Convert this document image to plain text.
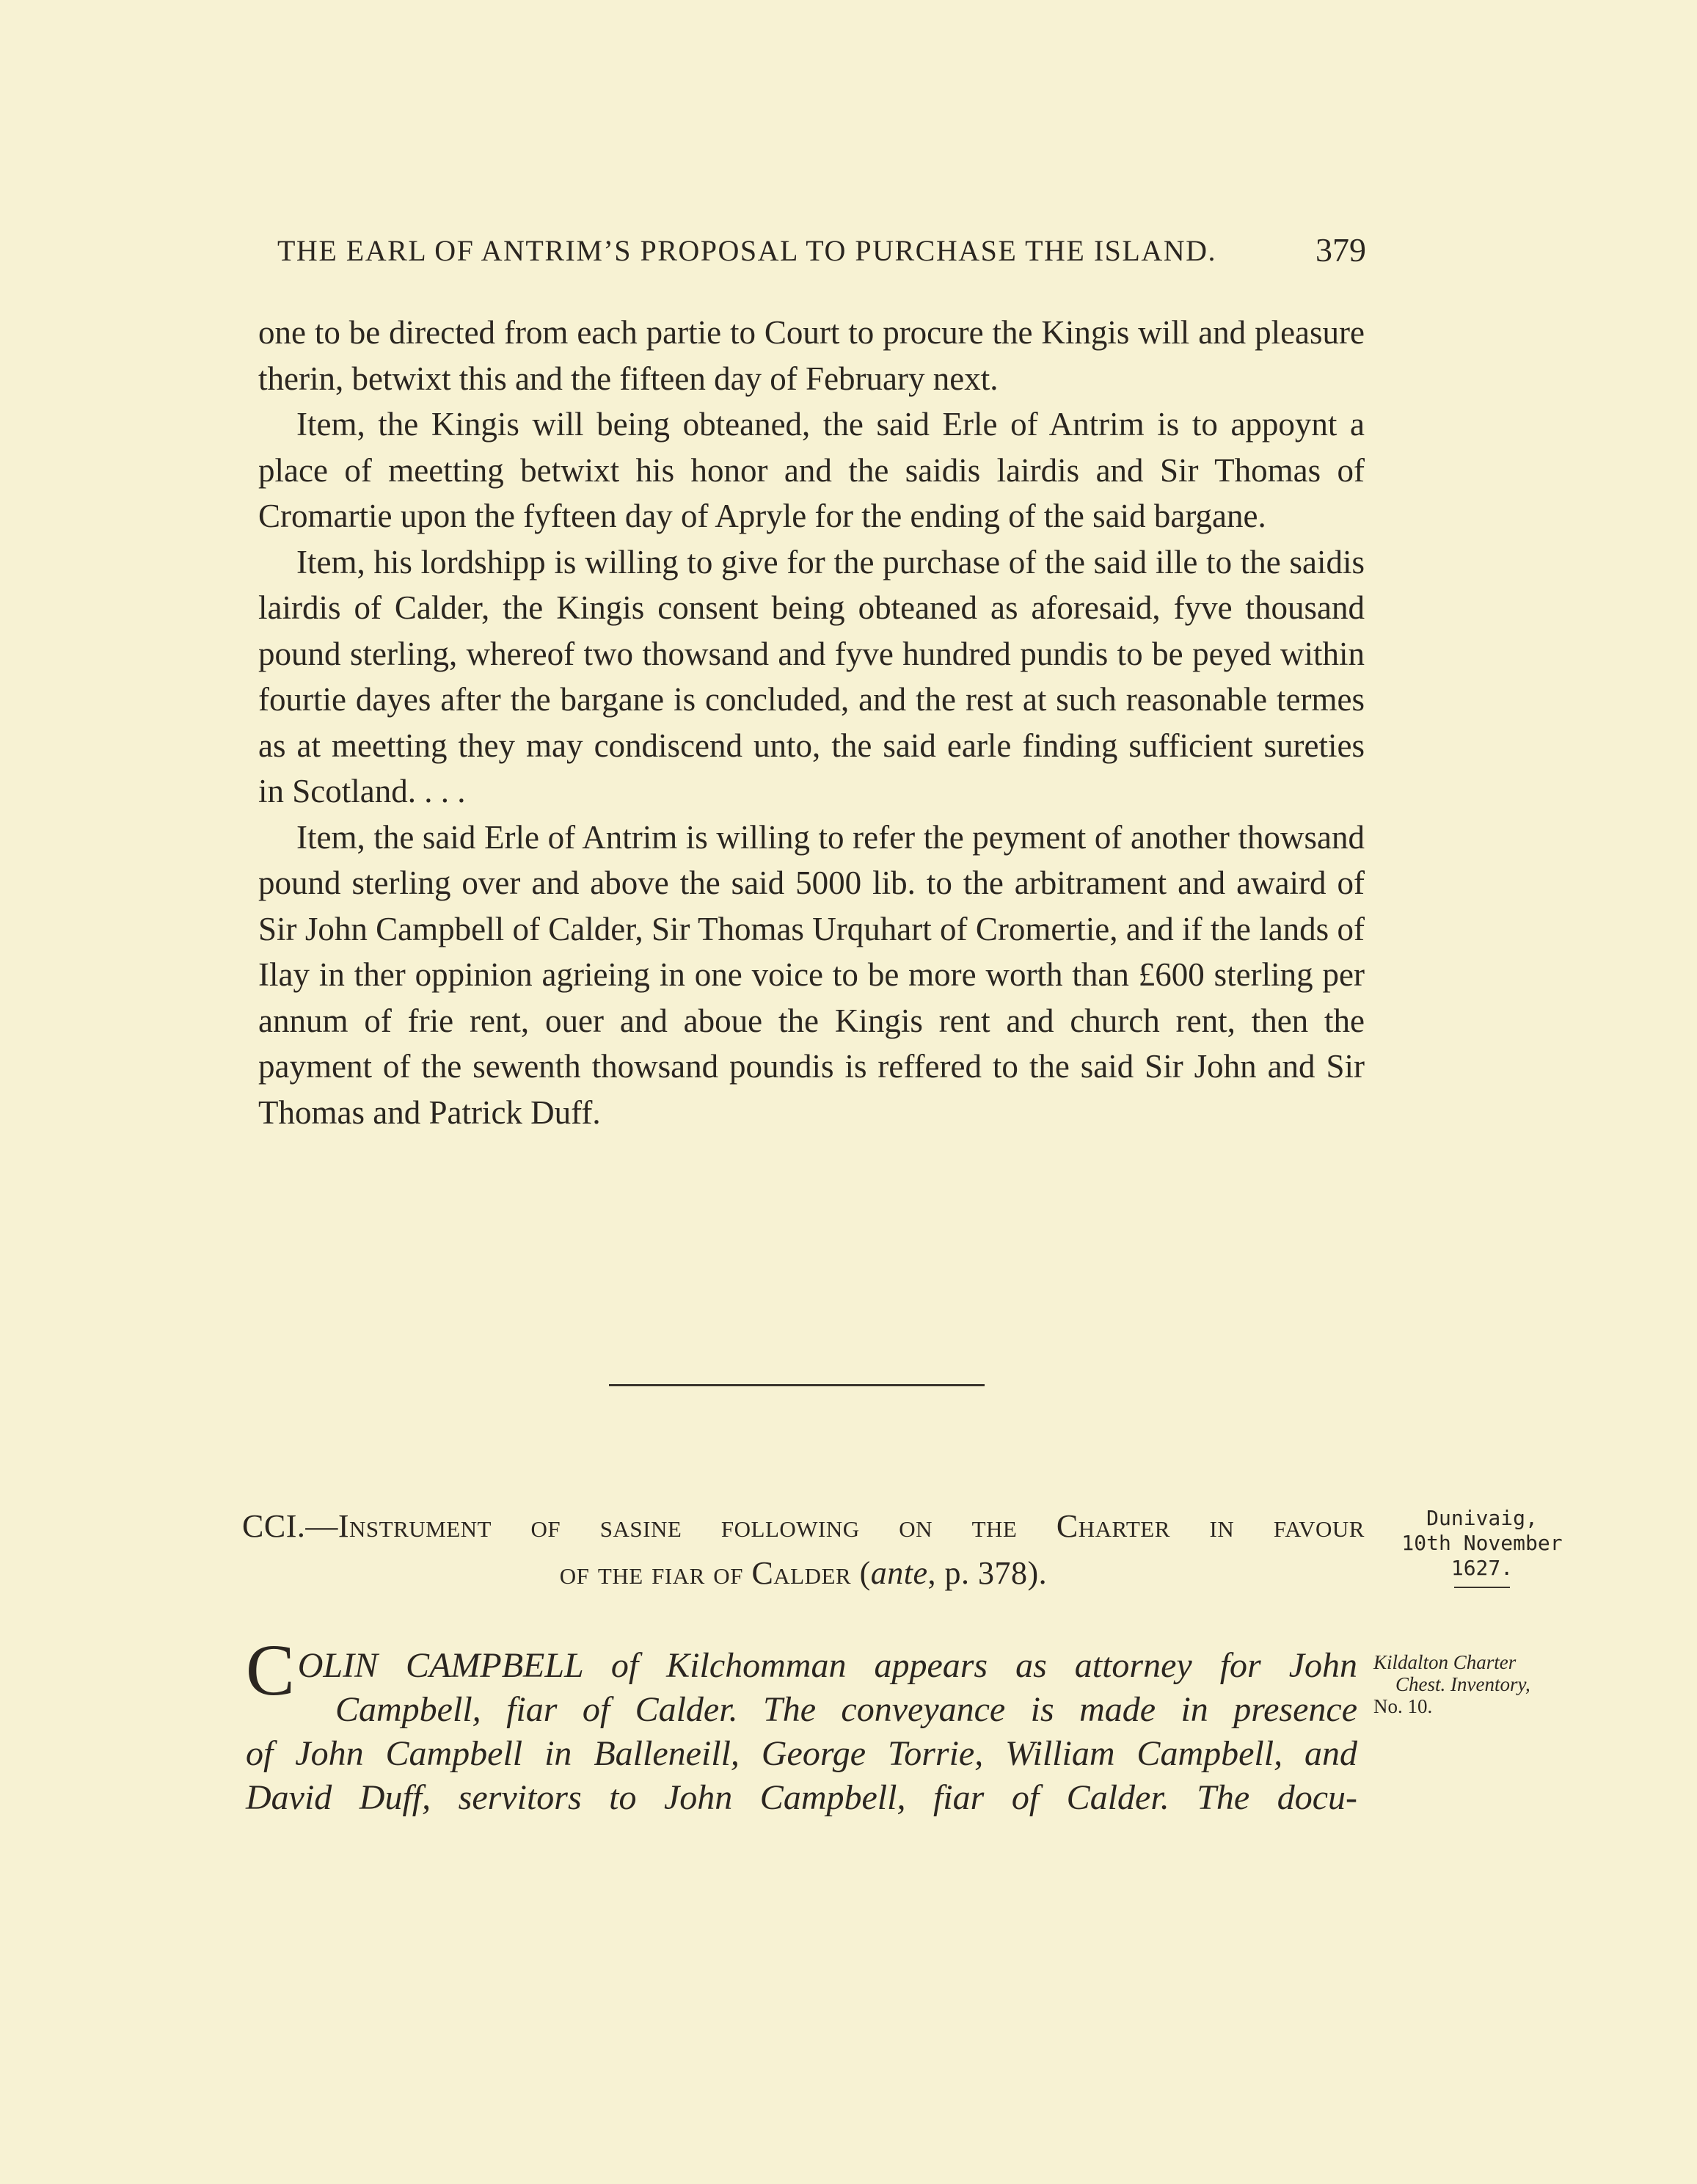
THE EARL OF ANTRIM’S PROPOSAL TO PURCHASE THE ISLAND.	379

one to be directed from each partie to Court to procure the Kingis will and pleasure therin, betwixt this and the fifteen day of February next.

Item, the Kingis will being obteaned, the said Erle of Antrim is to appoynt a place of meetting betwixt his honor and the saidis lairdis and Sir Thomas of Cromartie upon the fyfteen day of Apryle for the ending of the said bargane.

Item, his lordshipp is willing to give for the purchase of the said ille to the saidis lairdis of Calder, the Kingis consent being obteaned as aforesaid, fyve thousand pound sterling, whereof two thowsand and fyve hundred pundis to be peyed within fourtie dayes after the bargane is concluded, and the rest at such reasonable termes as at meetting they may condiscend unto, the said earle finding sufficient sureties in Scotland. . . .

Item, the said Erle of Antrim is willing to refer the peyment of another thowsand pound sterling over and above the said 5000 lib. to the arbitrament and awaird of Sir John Campbell of Calder, Sir Thomas Urquhart of Cromertie, and if the lands of Ilay in ther oppinion agrieing in one voice to be more worth than £600 sterling per annum of frie rent, ouer and aboue the Kingis rent and church rent, then the payment of the sewenth thowsand poundis is reffered to the said Sir John and Sir Thomas and Patrick Duff.

CCI.—Instrument of sasine following on the Charter in favour
of the fiar of Calder (ante, p. 378).
Dunivaig,
10th November
1627.
Kildalton Charter
Chest. Inventory,
No. 10.
COLIN CAMPBELL of Kilchomman appears as attorney for John
Campbell, fiar of Calder. The conveyance is made in presence
of John Campbell in Balleneill, George Torrie, William Campbell, and
David Duff, servitors to John Campbell, fiar of Calder. The docu-
